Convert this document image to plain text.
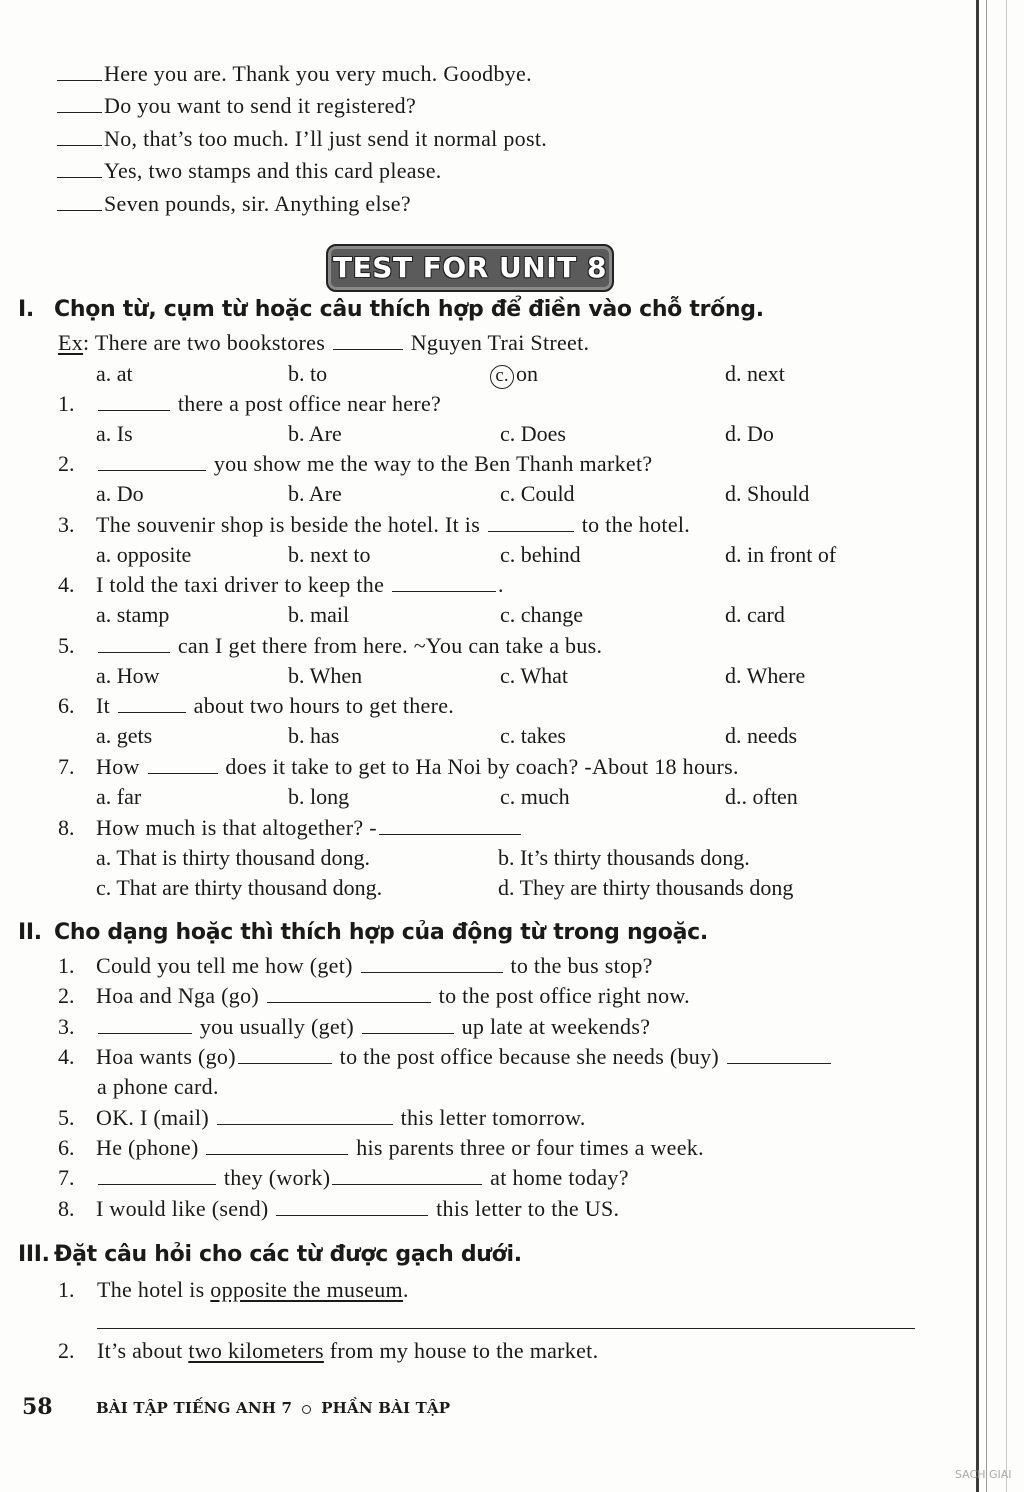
Here you are. Thank you very much. Goodbye.
Do you want to send it registered?
No, that’s too much. I’ll just send it normal post.
Yes, two stamps and this card please.
Seven pounds, sir. Anything else?
TEST FOR UNIT 8
I. Chọn từ, cụm từ hoặc câu thích hợp để điền vào chỗ trống.
Ex: There are two bookstores	Nguyen Trai Street.
a. at	b. to	c. on	d. next
1.	there a post office near here?
a. Is	b. Are	c. Does	d. Do
2.	you show me the way to the Ben Thanh market?
a. Do	b. Are	c. Could	d. Should
3. The souvenir shop is beside the hotel. It is	to the hotel.
a. opposite	b. next to	c. behind	d. in front of
4. I told the taxi driver to keep the	.
a. stamp	b. mail	c. change	d. card
5.	can I get there from here. ~You can take a bus.
a. How	b. When	c. What	d. Where
6. It	about two hours to get there.
a. gets	b. has	c. takes	d. needs
7. How	does it take to get to Ha Noi by coach? -About 18 hours.
a. far	b. long	c. much	d.. often
8. How much is that altogether? -
a. That is thirty thousand dong.	b. It’s thirty thousands dong.
c. That are thirty thousand dong.	d. They are thirty thousands dong
II. Cho dạng hoặc thì thích hợp của động từ trong ngoặc.
1. Could you tell me how (get)	to the bus stop?
2. Hoa and Nga (go)	to the post office right now.
3.	you usually (get)	up late at weekends?
4. Hoa wants (go)	to the post office because she needs (buy)
a phone card.
5. OK. I (mail)	this letter tomorrow.
6. He (phone)	his parents three or four times a week.
7.	they (work)	at home today?
8. I would like (send)	this letter to the US.
III. Đặt câu hỏi cho các từ được gạch dưới.
1. The hotel is opposite the museum.
2. It’s about two kilometers from my house to the market.
58	BÀI TẬP TIẾNG ANH 7 PHẦN BÀI TẬP
SACH GIAI
